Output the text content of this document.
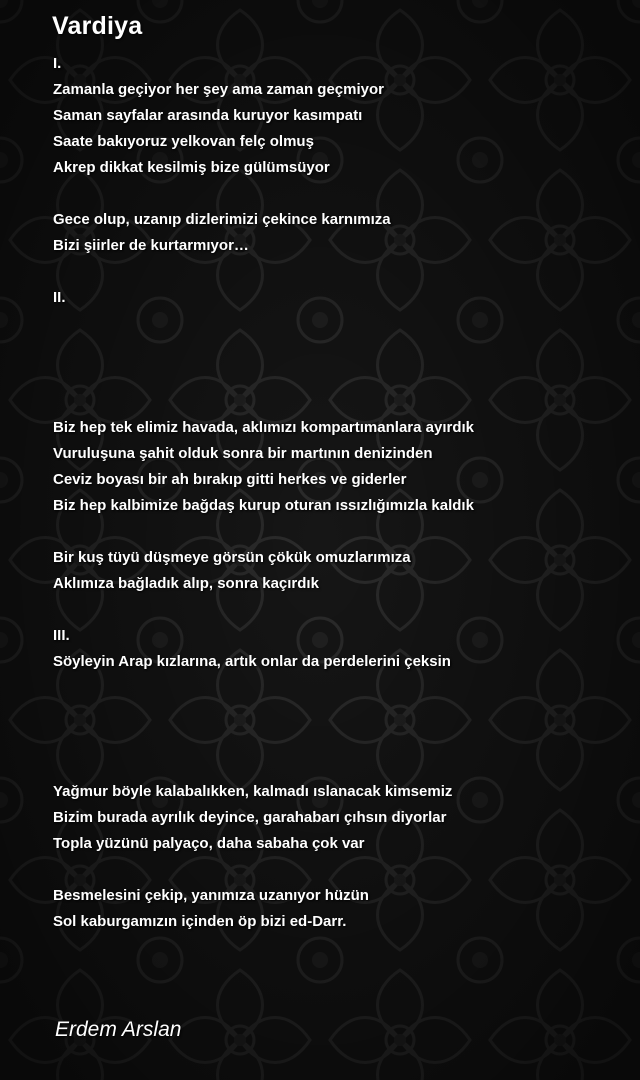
Vardiya
I.
Zamanla geçiyor her şey ama zaman geçmiyor
Saman sayfalar arasında kuruyor kasımpatı
Saate bakıyoruz yelkovan felç olmuş
Akrep dikkat kesilmiş bize gülümsüyor
Gece olup, uzanıp dizlerimizi çekince karnımıza
Bizi şiirler de kurtarmıyor…
II.
Biz hep tek elimiz havada, aklımızı kompartımanlara ayırdık
Vuruluşuna şahit olduk sonra bir martının denizinden
Ceviz boyası bir ah bırakıp gitti herkes ve giderler
Biz hep kalbimize bağdaş kurup oturan ıssızlığımızla kaldık
Bir kuş tüyü düşmeye görsün çökük omuzlarımıza
Aklımıza bağladık alıp, sonra kaçırdık
III.
Söyleyin Arap kızlarına, artık onlar da perdelerini çeksin
Yağmur böyle kalabalıkken, kalmadı ıslanacak kimsemiz
Bizim burada ayrılık deyince, garahabarı çıhsın diyorlar
Topla yüzünü palyaço, daha sabaha çok var
Besmelesini çekip, yanımıza uzanıyor hüzün
Sol kaburgamızın içinden öp bizi ed-Darr.
Erdem Arslan
